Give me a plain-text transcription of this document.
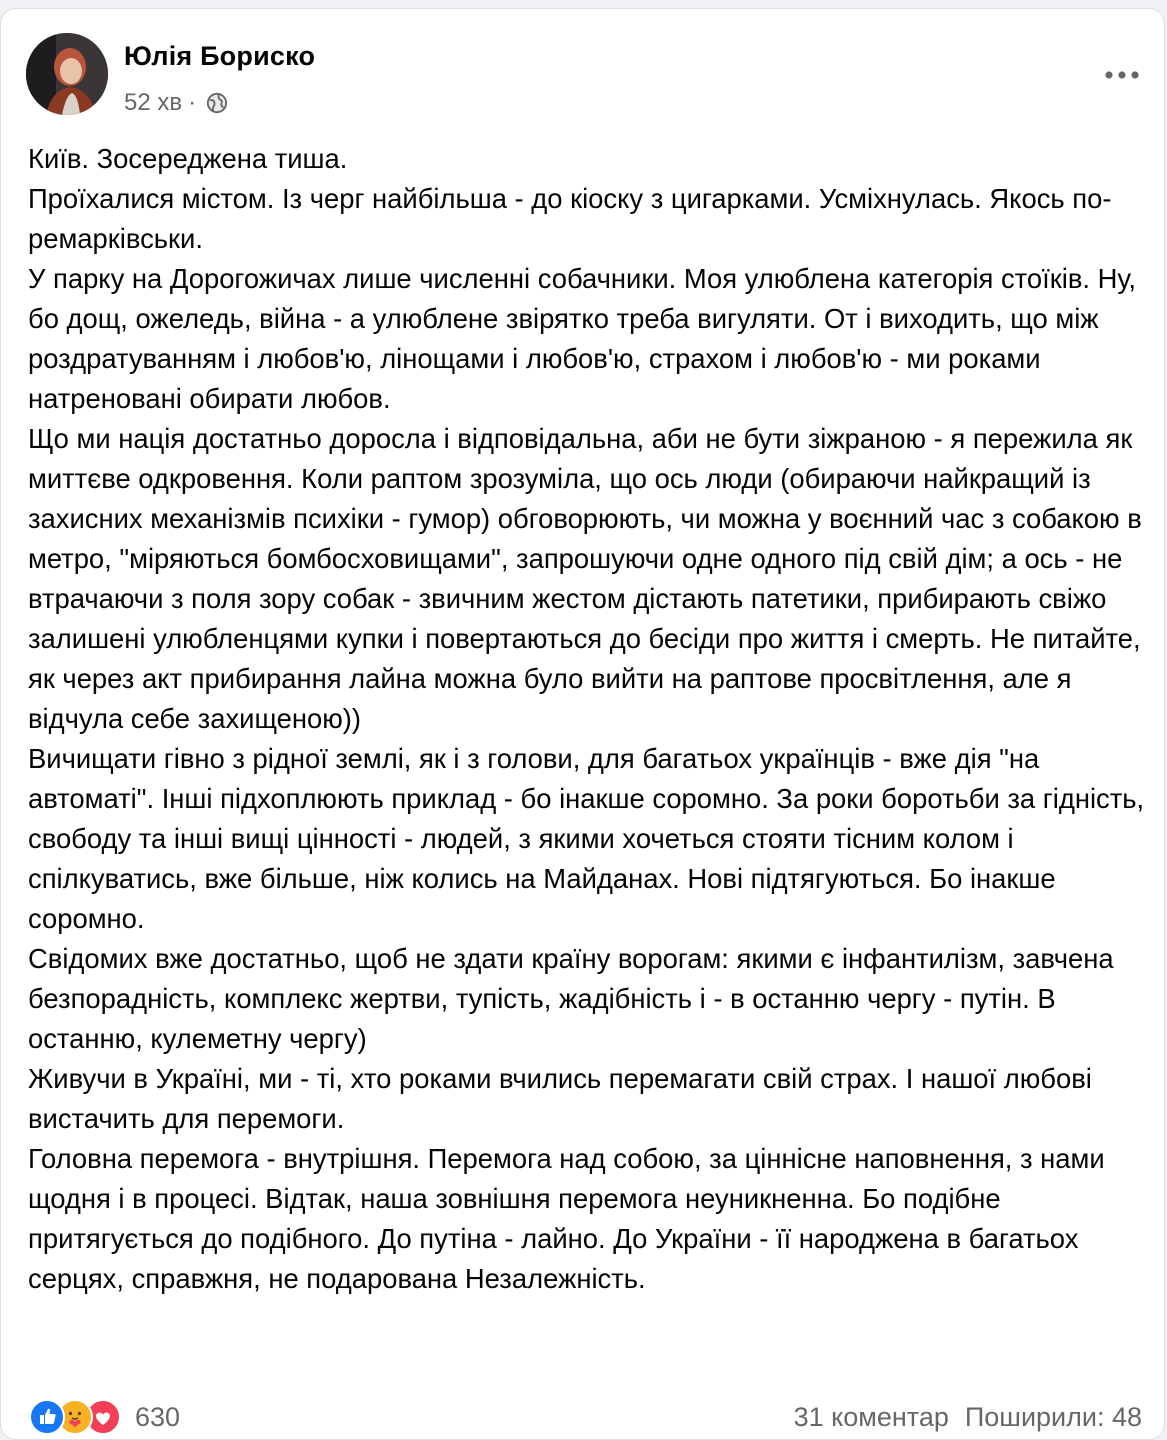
Юлія Бориско
52 хв ·
Київ. Зосереджена тиша.
Проїхалися містом. Із черг найбільша - до кіоску з цигарками. Усміхнулась. Якось по-ремарківськи.
У парку на Дорогожичах лише численні собачники. Моя улюблена категорія стоїків. Ну, бо дощ, ожеледь, війна - а улюблене звірятко треба вигуляти. От і виходить, що між роздратуванням і любов'ю, лінощами і любов'ю, страхом і любов'ю - ми роками натреновані обирати любов.
Що ми нація достатньо доросла і відповідальна, аби не бути зіжраною - я пережила як миттєве одкровення. Коли раптом зрозуміла, що ось люди (обираючи найкращий із захисних механізмів психіки - гумор) обговорюють, чи можна у воєнний час з собакою в метро, "міряються бомбосховищами", запрошуючи одне одного під свій дім; а ось - не втрачаючи з поля зору собак - звичним жестом дістають патетики, прибирають свіжо залишені улюбленцями купки і повертаються до бесіди про життя і смерть. Не питайте, як через акт прибирання лайна можна було вийти на раптове просвітлення, але я відчула себе захищеною))
Вичищати гівно з рідної землі, як і з голови, для багатьох українців - вже дія "на автоматі". Інші підхоплюють приклад - бо інакше соромно. За роки боротьби за гідність, свободу та інші вищі цінності - людей, з якими хочеться стояти тісним колом і спілкуватись, вже більше, ніж колись на Майданах. Нові підтягуються. Бо інакше соромно.
Свідомих вже достатньо, щоб не здати країну ворогам: якими є інфантилізм, завчена безпорадність, комплекс жертви, тупість, жадібність і - в останню чергу - путін. В останню, кулеметну чергу)
Живучи в Україні, ми - ті, хто роками вчились перемагати свій страх. І нашої любові вистачить для перемоги.
Головна перемога - внутрішня. Перемога над собою, за ціннісне наповнення, з нами щодня і в процесі. Відтак, наша зовнішня перемога неуникненна. Бо подібне притягується до подібного. До путіна - лайно. До України - її народжена в багатьох серцях, справжня, не подарована Незалежність.
630	31 коментар Поширили: 48
